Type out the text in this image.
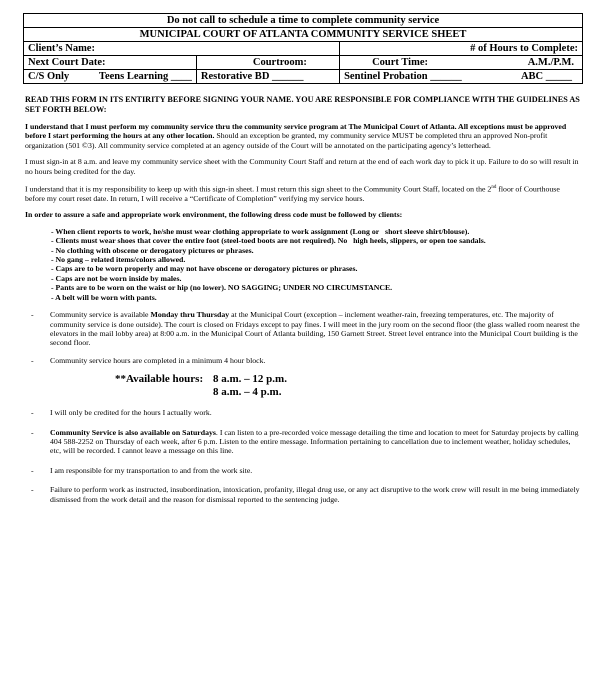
Do not call to schedule a time to complete community service		
MUNICIPAL COURT OF ATLANTA COMMUNITY SERVICE SHEET		
Client’s Name:		# of Hours to Complete:
Next Court Date:	Courtroom:	Court Time: A.M./P.M.

C/S Only Teens Learning ____	Restorative BD ______	Sentinel Probation ______ ABC _____

READ THIS FORM IN ITS ENTIRITY BEFORE SIGNING YOUR NAME. YOU ARE RESPONSIBLE FOR COMPLIANCE WITH THE GUIDELINES AS SET FORTH BELOW:

I understand that I must perform my community service thru the community service program at The Municipal Court of Atlanta. All exceptions must be approved before I start performing the hours at any other location. Should an exception be granted, my community service MUST be completed thru an approved Non-profit organization (501 ©3). All community service completed at an agency outside of the Court will be annotated on the participating agency’s letterhead.

I must sign-in at 8 a.m. and leave my community service sheet with the Community Court Staff and return at the end of each work day to pick it up. Failure to do so will result in no hours being credited for the day.

I understand that it is my responsibility to keep up with this sign-in sheet. I must return this sign sheet to the Community Court Staff, located on the 2nd floor of Courthouse before my court reset date. In return, I will receive a “Certificate of Completion” verifying my service hours.

In order to assure a safe and appropriate work environment, the following dress code must be followed by clients:

- When client reports to work, he/she must wear clothing appropriate to work assignment (Long or   short sleeve shirt/blouse).
- Clients must wear shoes that cover the entire foot (steel-toed boots are not required). No   high heels, slippers, or open toe sandals.
- No clothing with obscene or derogatory pictures or phrases.
- No gang – related items/colors allowed.
- Caps are to be worn properly and may not have obscene or derogatory pictures or phrases.
- Caps are not be worn inside by males.
- Pants are to be worn on the waist or hip (no lower). NO SAGGING; UNDER NO CIRCUMSTANCE.
- A belt will be worn with pants.
-	Community service is available Monday thru Thursday at the Municipal Court (exception – inclement weather-rain, freezing temperatures, etc. The majority of community service is done outside). The court is closed on Fridays except to pay fines. I will meet in the jury room on the second floor (the glass walled room nearest the elevators in the mail lobby area) at 8:00 a.m. in the Municipal Court of Atlanta building, 150 Garnett Street. Street level entrance into the Municipal Court building is the second floor.
-	Community service hours are completed in a minimum 4 hour block.
**Available hours: 8 a.m. – 12 p.m.
8 a.m. – 4 p.m.
-	I will only be credited for the hours I actually work.
-	Community Service is also available on Saturdays. I can listen to a pre-recorded voice message detailing the time and location to meet for Saturday projects by calling 404 588-2252 on Thursday of each week, after 6 p.m. Listen to the entire message. Information pertaining to cancellation due to inclement weather, holiday schedules, etc, will be recorded. I cannot leave a message on this line.
-	I am responsible for my transportation to and from the work site.
-	Failure to perform work as instructed, insubordination, intoxication, profanity, illegal drug use, or any act disruptive to the work crew will result in me being immediately dismissed from the work detail and the reason for dismissal reported to the sentencing judge.
